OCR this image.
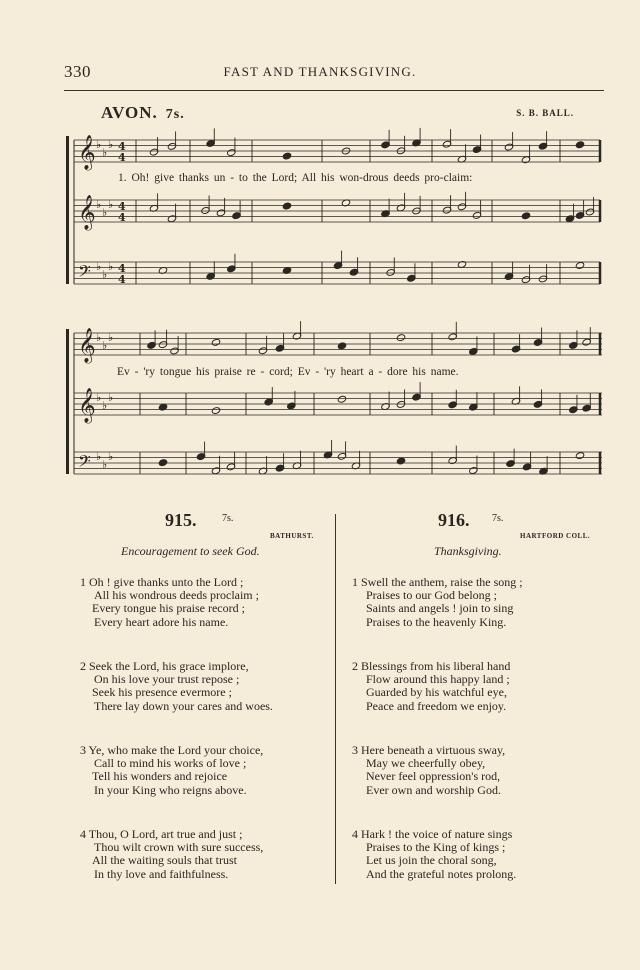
330	FAST AND THANKSGIVING.
AVON. 7s.	S. B. BALL.
𝄞 ♭
♭
♭ 4
4
𝄞 ♭
♭
♭ 4
4
𝄢 ♭
♭
♭ 4
4
𝄞 ♭
♭
♭
𝄞 ♭
♭
♭
𝄢 ♭
♭
♭
1. Oh! give thanks un - to the Lord; All his won-drous deeds pro-claim:
Ev - 'ry tongue his praise re - cord; Ev - 'ry heart a - dore his name.
915.	7s.
BATHURST.
Encouragement to seek God.
1 Oh ! give thanks unto the Lord ;
All his wondrous deeds proclaim ;
Every tongue his praise record ;
Every heart adore his name.
2 Seek the Lord, his grace implore,
On his love your trust repose ;
Seek his presence evermore ;
There lay down your cares and woes.
3 Ye, who make the Lord your choice,
Call to mind his works of love ;
Tell his wonders and rejoice
In your King who reigns above.
4 Thou, O Lord, art true and just ;
Thou wilt crown with sure success,
All the waiting souls that trust
In thy love and faithfulness.
916. 7s.
HARTFORD COLL.
Thanksgiving.
1 Swell the anthem, raise the song ;
Praises to our God belong ;
Saints and angels ! join to sing
Praises to the heavenly King.
2 Blessings from his liberal hand
Flow around this happy land ;
Guarded by his watchful eye,
Peace and freedom we enjoy.
3 Here beneath a virtuous sway,
May we cheerfully obey,
Never feel oppression's rod,
Ever own and worship God.
4 Hark ! the voice of nature sings
Praises to the King of kings ;
Let us join the choral song,
And the grateful notes prolong.
